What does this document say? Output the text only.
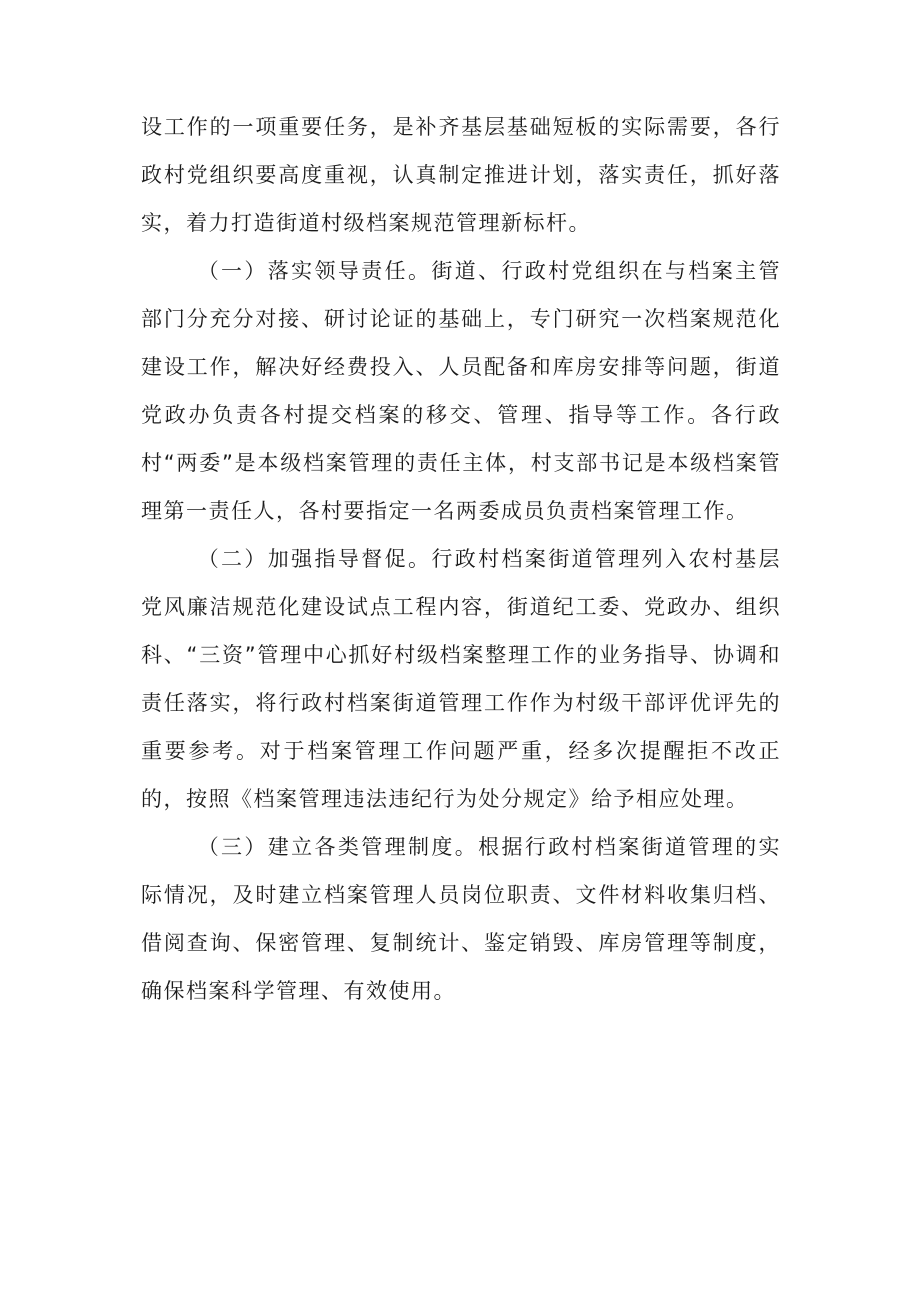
设工作的一项重要任务，是补齐基层基础短板的实际需要，各行政村党组织要高度重视，认真制定推进计划，落实责任，抓好落实，着力打造街道村级档案规范管理新标杆。

（一）落实领导责任。街道、行政村党组织在与档案主管部门分充分对接、研讨论证的基础上，专门研究一次档案规范化建设工作，解决好经费投入、人员配备和库房安排等问题，街道党政办负责各村提交档案的移交、管理、指导等工作。各行政村“两委”是本级档案管理的责任主体，村支部书记是本级档案管理第一责任人，各村要指定一名两委成员负责档案管理工作。

（二）加强指导督促。行政村档案街道管理列入农村基层党风廉洁规范化建设试点工程内容，街道纪工委、党政办、组织科、“三资”管理中心抓好村级档案整理工作的业务指导、协调和责任落实，将行政村档案街道管理工作作为村级干部评优评先的重要参考。对于档案管理工作问题严重，经多次提醒拒不改正的，按照《档案管理违法违纪行为处分规定》给予相应处理。

（三）建立各类管理制度。根据行政村档案街道管理的实际情况，及时建立档案管理人员岗位职责、文件材料收集归档、借阅查询、保密管理、复制统计、鉴定销毁、库房管理等制度，确保档案科学管理、有效使用。
